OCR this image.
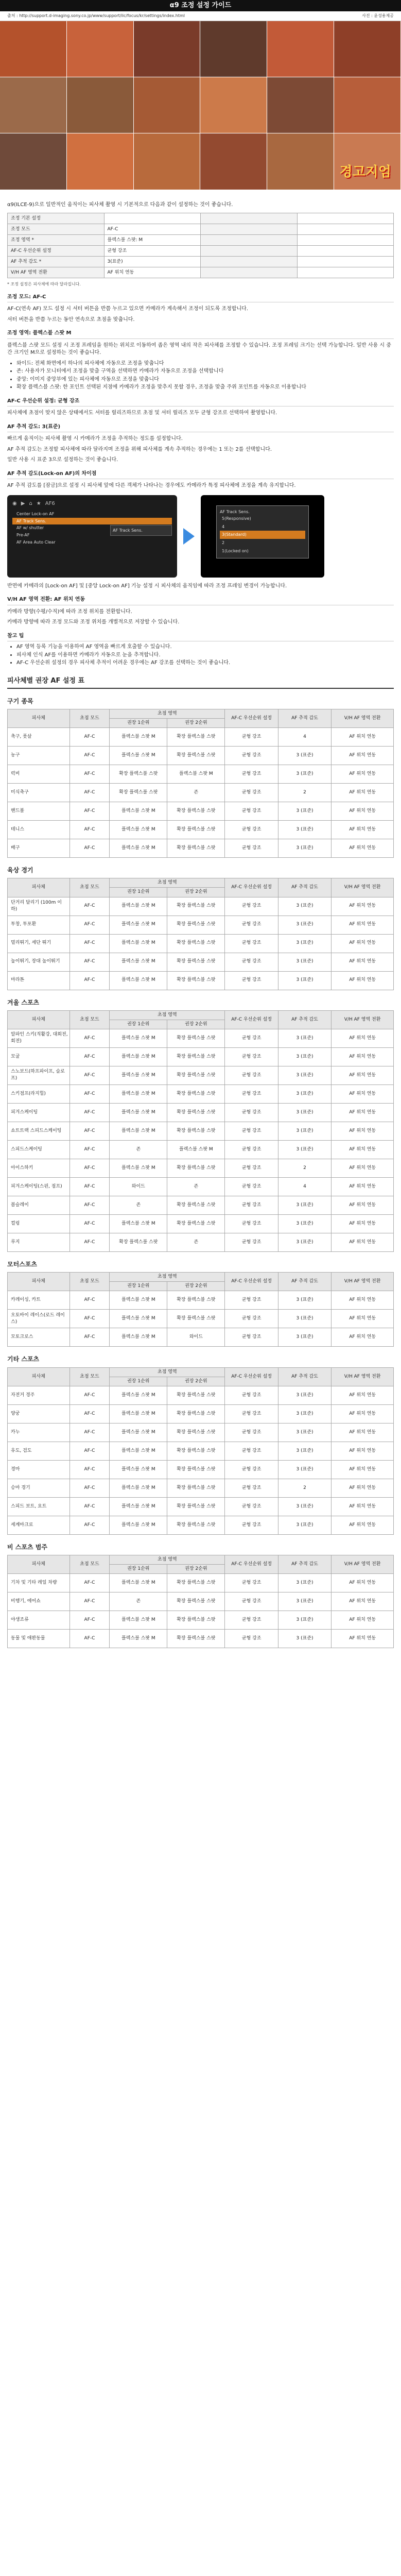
α9 조정 설정 가이드
출처 : http://support.d-imaging.sony.co.jp/www/support/ilc/focus/kr/settings/index.html	사진 : 윤성용제공
경고지엄

α9(ILCE-9)으로 일반적인 움직이는 피사체 촬영 시 기본적으로 다음과 같이 설정하는 것이 좋습니다.

조정 기본 설정			
조정 모드	AF-C		
조정 영역 *	플렉스블 스팟: M		
AF-C 우선순위 설정	균형 강조		
AF 추적 감도 *	3(표준)		
V/H AF 영역 전환	AF 위치 연동		

* 조정 설정은 피사체에 따라 달라집니다.

조정 모드: AF-C

AF-C(연속 AF) 모드 설정 시 셔터 버튼을 반쯤 누르고 있으면 카메라가 계속해서 조정이 되도록 조정합니다.

셔터 버튼을 반쯤 누르는 동안 연속으로 초점을 맞춥니다.

조정 영역: 플렉스블 스팟 M

플렉스블 스팟 모드 설정 시 조정 프레임을 원하는 위치로 이동하여 좁은 영역 내의 작은 피사체를 조정할 수 있습니다. 조정 프레임 크기는 선택 가능합니다. 일반 사용 시 중간 크기인 M으로 설정하는 것이 좋습니다.

• 와이드: 전체 화면에서 하나의 피사체에 자동으로 조정을 맞춥니다
• 존: 사용자가 모니터에서 조정을 맞출 구역을 선택하면 카메라가 자동으로 조정을 선택합니다
• 중앙: 이미지 중앙부에 있는 피사체에 자동으로 조정을 맞춥니다
• 확장 플렉스블 스팟: 한 포인트 선택된 지점에 카메라가 조정을 맞추지 못할 경우, 조정을 맞출 주위 포인트를 자동으로 이용합니다
AF-C 우선순위 설정: 균형 강조

피사체에 초점이 맞지 않은 상태에서도 셔터를 릴리즈하므로 초점 및 셔터 릴리즈 모두 균형 강조로 선택하여 촬영합니다.

AF 추적 감도: 3(표준)

빠르게 움직이는 피사체 촬영 시 카메라가 조정을 추적하는 정도를 설정합니다.

AF 추적 감도는 조정할 피사체에 따라 달라지며 조정을 위해 피사체를 계속 추적하는 경우에는 1 또는 2를 선택합니다.

일반 사용 시 표준 3으로 설정하는 것이 좋습니다.

AF 추적 감도(Lock-on AF)의 차이점

AF 추적 감도를 [잠금]으로 설정 시 피사체 앞에 다른 객체가 나타나는 경우에도 카메라가 특정 피사체에 조정을 계속 유지합니다.

◉ ▶ ⌂ ★ AF6
Center Lock-on AF
AF Track Sens.
AF w/ shutter
Pre-AF
AF Area Auto Clear
AF Track Sens.
AF Track Sens.
5(Responsive)
4
3(Standard)
2
1(Locked on)

반면에 카메라의 [Lock-on AF] 및 [중앙 Lock-on AF] 기능 설정 시 피사체의 움직임에 따라 조정 프레임 변경이 가능합니다.

V/H AF 영역 전환: AF 위치 연동

카메라 방향(수평/수직)에 따라 조정 위치를 전환합니다.

카메라 방향에 따라 조정 모드와 조정 위치를 개별적으로 저장할 수 있습니다.

참고 팁
• AF 영역 등록 기능을 이용하여 AF 영역을 빠르게 호출할 수 있습니다.
• 피사체 인식 AF를 이용하면 카메라가 자동으로 눈을 추적합니다.
• AF-C 우선순위 설정의 경우 피사체 추적이 어려운 경우에는 AF 강조를 선택하는 것이 좋습니다.
피사체별 권장 AF 설정 표
구기 종목
피사체	초점 모드	초점 영역		AF-C 우선순위 설정	AF 추적 감도	V/H AF 영역 전환
		권장 1순위	권장 2순위			
축구, 풋살	AF-C	플렉스블 스팟 M	확장 플렉스블 스팟	균형 강조	4	AF 위치 연동
농구	AF-C	플렉스블 스팟 M	확장 플렉스블 스팟	균형 강조	3 (표준)	AF 위치 연동
럭비	AF-C	확장 플렉스블 스팟	플렉스블 스팟 M	균형 강조	3 (표준)	AF 위치 연동
미식축구	AF-C	확장 플렉스블 스팟	존	균형 강조	2	AF 위치 연동
핸드볼	AF-C	플렉스블 스팟 M	확장 플렉스블 스팟	균형 강조	3 (표준)	AF 위치 연동
테니스	AF-C	플렉스블 스팟 M	확장 플렉스블 스팟	균형 강조	3 (표준)	AF 위치 연동
배구	AF-C	플렉스블 스팟 M	확장 플렉스블 스팟	균형 강조	3 (표준)	AF 위치 연동
육상 경기
피사체	초점 모드	초점 영역		AF-C 우선순위 설정	AF 추적 감도	V/H AF 영역 전환
		권장 1순위	권장 2순위			
단거리 달리기 (100m 이하)	AF-C	플렉스블 스팟 M	확장 플렉스블 스팟	균형 강조	3 (표준)	AF 위치 연동
투창, 투포환	AF-C	플렉스블 스팟 M	확장 플렉스블 스팟	균형 강조	3 (표준)	AF 위치 연동
멀리뛰기, 세단 뛰기	AF-C	플렉스블 스팟 M	확장 플렉스블 스팟	균형 강조	3 (표준)	AF 위치 연동
높이뛰기, 장대 높이뛰기	AF-C	플렉스블 스팟 M	확장 플렉스블 스팟	균형 강조	3 (표준)	AF 위치 연동
마라톤	AF-C	플렉스블 스팟 M	확장 플렉스블 스팟	균형 강조	3 (표준)	AF 위치 연동
겨울 스포츠
피사체	초점 모드	초점 영역		AF-C 우선순위 설정	AF 추적 감도	V/H AF 영역 전환
		권장 1순위	권장 2순위			
알파인 스키(직활강, 대회전, 회전)	AF-C	플렉스블 스팟 M	확장 플렉스블 스팟	균형 강조	3 (표준)	AF 위치 연동
모굴	AF-C	플렉스블 스팟 M	확장 플렉스블 스팟	균형 강조	3 (표준)	AF 위치 연동
스노보드(하프파이프, 슬로프)	AF-C	플렉스블 스팟 M	확장 플렉스블 스팟	균형 강조	3 (표준)	AF 위치 연동
스키점프(라지힐)	AF-C	플렉스블 스팟 M	확장 플렉스블 스팟	균형 강조	3 (표준)	AF 위치 연동
피겨스케이팅	AF-C	플렉스블 스팟 M	확장 플렉스블 스팟	균형 강조	3 (표준)	AF 위치 연동
쇼트트랙 스피드스케이팅	AF-C	플렉스블 스팟 M	확장 플렉스블 스팟	균형 강조	3 (표준)	AF 위치 연동
스피드스케이팅	AF-C	존	플렉스블 스팟 M	균형 강조	3 (표준)	AF 위치 연동
아이스하키	AF-C	플렉스블 스팟 M	확장 플렉스블 스팟	균형 강조	2	AF 위치 연동
피겨스케이팅(스핀, 점프)	AF-C	와이드	존	균형 강조	4	AF 위치 연동
봅슬레이	AF-C	존	확장 플렉스블 스팟	균형 강조	3 (표준)	AF 위치 연동
컬링	AF-C	플렉스블 스팟 M	확장 플렉스블 스팟	균형 강조	3 (표준)	AF 위치 연동
루지	AF-C	확장 플렉스블 스팟	존	균형 강조	3 (표준)	AF 위치 연동
모터스포츠
피사체	초점 모드	초점 영역		AF-C 우선순위 설정	AF 추적 감도	V/H AF 영역 전환
		권장 1순위	권장 2순위			
카레이싱, 카트	AF-C	플렉스블 스팟 M	확장 플렉스블 스팟	균형 강조	3 (표준)	AF 위치 연동
오토바이 레이스(로드 레이스)	AF-C	플렉스블 스팟 M	확장 플렉스블 스팟	균형 강조	3 (표준)	AF 위치 연동
모토크로스	AF-C	플렉스블 스팟 M	와이드	균형 강조	3 (표준)	AF 위치 연동
기타 스포츠
피사체	초점 모드	초점 영역		AF-C 우선순위 설정	AF 추적 감도	V/H AF 영역 전환
		권장 1순위	권장 2순위			
자전거 경주	AF-C	플렉스블 스팟 M	확장 플렉스블 스팟	균형 강조	3 (표준)	AF 위치 연동
양궁	AF-C	플렉스블 스팟 M	확장 플렉스블 스팟	균형 강조	3 (표준)	AF 위치 연동
카누	AF-C	플렉스블 스팟 M	확장 플렉스블 스팟	균형 강조	3 (표준)	AF 위치 연동
유도, 검도	AF-C	플렉스블 스팟 M	확장 플렉스블 스팟	균형 강조	3 (표준)	AF 위치 연동
경마	AF-C	플렉스블 스팟 M	확장 플렉스블 스팟	균형 강조	3 (표준)	AF 위치 연동
승마 경기	AF-C	플렉스블 스팟 M	확장 플렉스블 스팟	균형 강조	2	AF 위치 연동
스피드 보트, 요트	AF-C	플렉스블 스팟 M	확장 플렉스블 스팟	균형 강조	3 (표준)	AF 위치 연동
세계마크로	AF-C	플렉스블 스팟 M	확장 플렉스블 스팟	균형 강조	3 (표준)	AF 위치 연동
비 스포츠 범주
피사체	초점 모드	초점 영역		AF-C 우선순위 설정	AF 추적 감도	V/H AF 영역 전환
		권장 1순위	권장 2순위			
기차 및 기타 레일 차량	AF-C	플렉스블 스팟 M	확장 플렉스블 스팟	균형 강조	3 (표준)	AF 위치 연동
비행기, 에어쇼	AF-C	존	확장 플렉스블 스팟	균형 강조	3 (표준)	AF 위치 연동
야생조류	AF-C	플렉스블 스팟 M	확장 플렉스블 스팟	균형 강조	3 (표준)	AF 위치 연동
동물 및 애완동물	AF-C	플렉스블 스팟 M	확장 플렉스블 스팟	균형 강조	3 (표준)	AF 위치 연동
